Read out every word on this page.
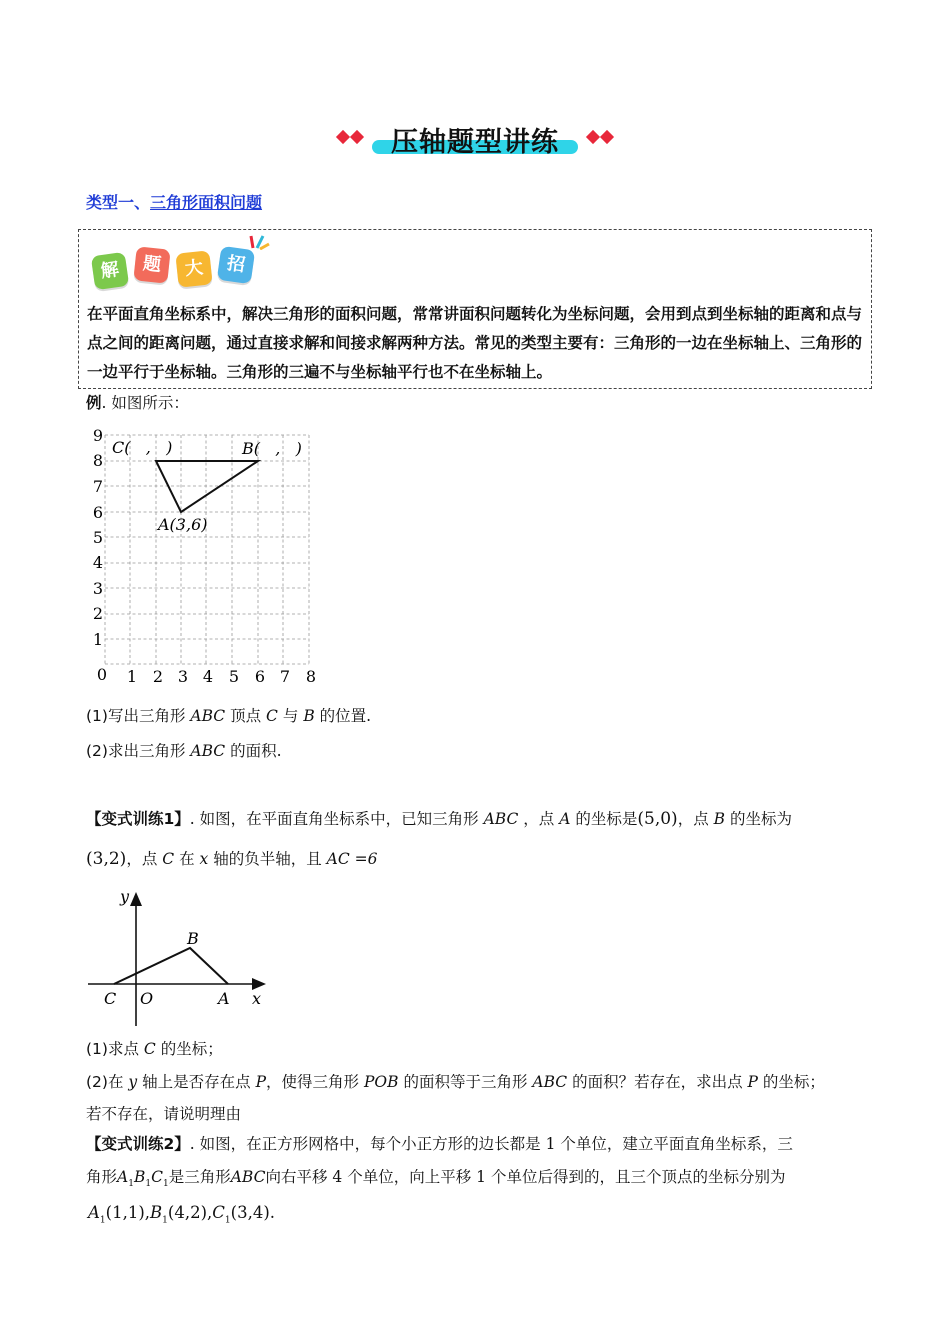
压轴题型讲练
类型一、三角形面积问题
解	题	大	招
在平面直角坐标系中，解决三角形的面积问题，常常讲面积问题转化为坐标问题，会用到点到坐标轴的距离和点与点之间的距离问题，通过直接求解和间接求解两种方法。常见的类型主要有：三角形的一边在坐标轴上、三角形的一边平行于坐标轴。三角形的三遍不与坐标轴平行也不在坐标轴上。
例. 如图所示：
0 1 2 3 4 5 6 7 8
1
2
3
4
5
6
7
8
9
C(   ,   )	B(   ,   )
A(3,6)
(1)写出三角形 ABC 顶点 C 与 B 的位置.
(2)求出三角形 ABC 的面积.
【变式训练1】. 如图，在平面直角坐标系中，已知三角形 ABC ，点 A 的坐标是(5,0)，点 B 的坐标为
(3,2)，点 C 在 x 轴的负半轴，且 AC =6
y
x
B
C O	A
(1)求点 C 的坐标；
(2)在 y 轴上是否存在点 P，使得三角形 POB 的面积等于三角形 ABC 的面积？若存在，求出点 P 的坐标；
若不存在，请说明理由
【变式训练2】. 如图，在正方形网格中，每个小正方形的边长都是 1 个单位，建立平面直角坐标系，三
角形$A_1B_1C_1$是三角形ABC向右平移 4 个单位，向上平移 1 个单位后得到的，且三个顶点的坐标分别为
$A_1(1,1),B_1(4,2),C_1(3,4)$.
